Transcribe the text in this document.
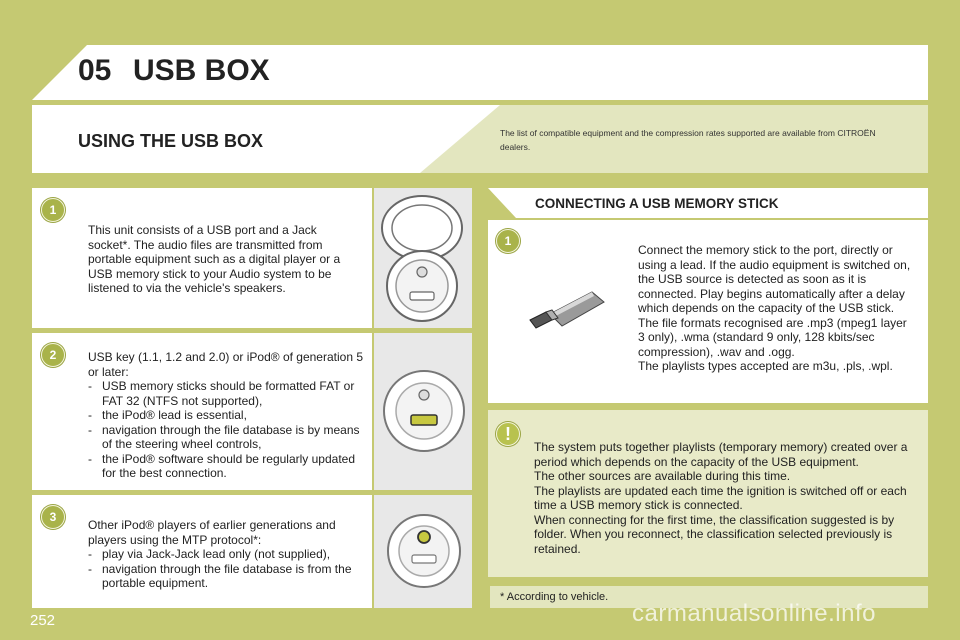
05 USB BOX
USING THE USB BOX	The list of compatible equipment and the compression rates supported are available from CITROËN dealers.
1
This unit consists of a USB port and a Jack socket*. The audio files are transmitted from portable equipment such as a digital player or a USB memory stick to your Audio system to be listened to via the vehicle's speakers.
2	USB key (1.1, 1.2 and 2.0) or iPod® of generation 5 or later:
- USB memory sticks should be formatted FAT or FAT 32 (NTFS not supported),
- the iPod® lead is essential,
- navigation through the file database is by means of the steering wheel controls,
- the iPod® software should be regularly updated for the best connection.
3
Other iPod® players of earlier generations and players using the MTP protocol*:
- play via Jack-Jack lead only (not supplied),
- navigation through the file database is from the portable equipment.
CONNECTING A USB MEMORY STICK
1
Connect the memory stick to the port, directly or using a lead. If the audio equipment is switched on, the USB source is detected as soon as it is connected. Play begins automatically after a delay which depends on the capacity of the USB stick.
The file formats recognised are .mp3 (mpeg1 layer 3 only), .wma (standard 9 only, 128 kbits/sec compression), .wav and .ogg.
The playlists types accepted are m3u, .pls, .wpl.
!
The system puts together playlists (temporary memory) created over a period which depends on the capacity of the USB equipment.
The other sources are available during this time.
The playlists are updated each time the ignition is switched off or each time a USB memory stick is connected.
When connecting for the first time, the classification suggested is by folder. When you reconnect, the classification selected previously is retained.
* According to vehicle.
252	carmanualsonline.info
